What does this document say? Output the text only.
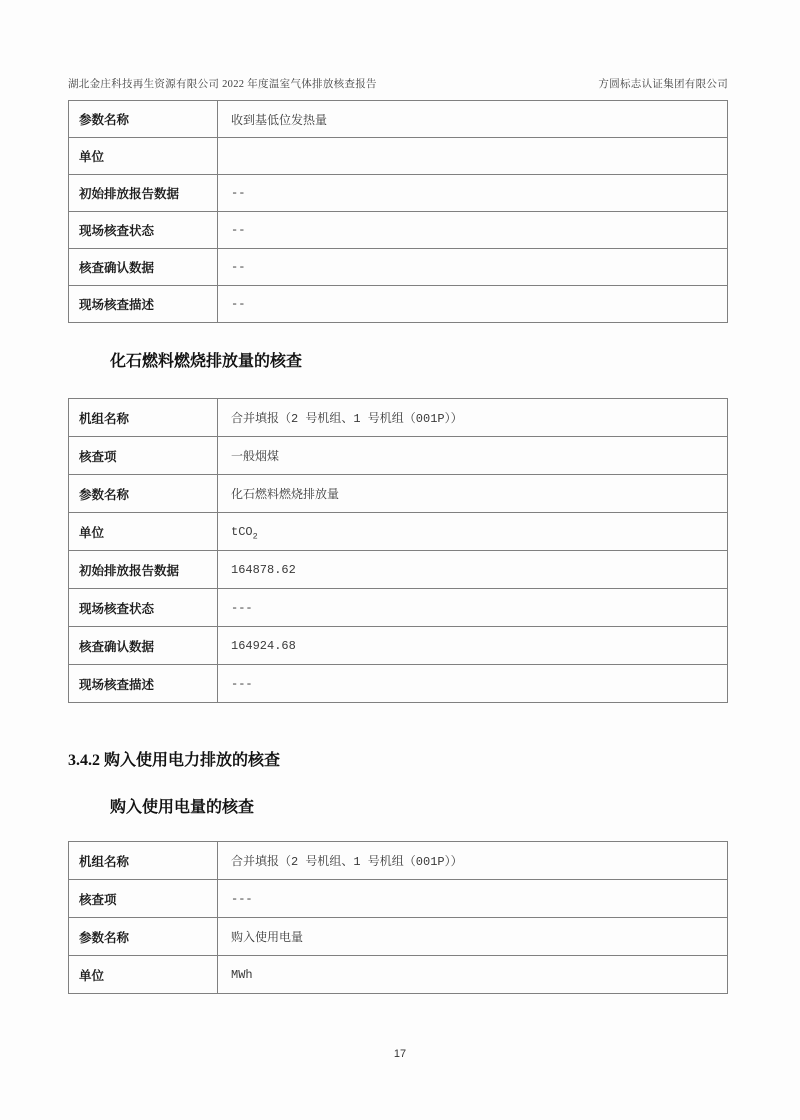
湖北金庄科技再生资源有限公司 2022 年度温室气体排放核查报告	方圆标志认证集团有限公司
参数名称	收到基低位发热量
单位	
初始排放报告数据	--
现场核查状态	--
核查确认数据	--
现场核查描述	--
化石燃料燃烧排放量的核查
机组名称	合并填报（2 号机组、1 号机组（001P））
核查项	一般烟煤
参数名称	化石燃料燃烧排放量
单位	tCO$_2$
初始排放报告数据	164878.62
现场核查状态	---
核查确认数据	164924.68
现场核查描述	---
3.4.2 购入使用电力排放的核查
购入使用电量的核查
机组名称	合并填报（2 号机组、1 号机组（001P））
核查项	---
参数名称	购入使用电量
单位	MWh
17
